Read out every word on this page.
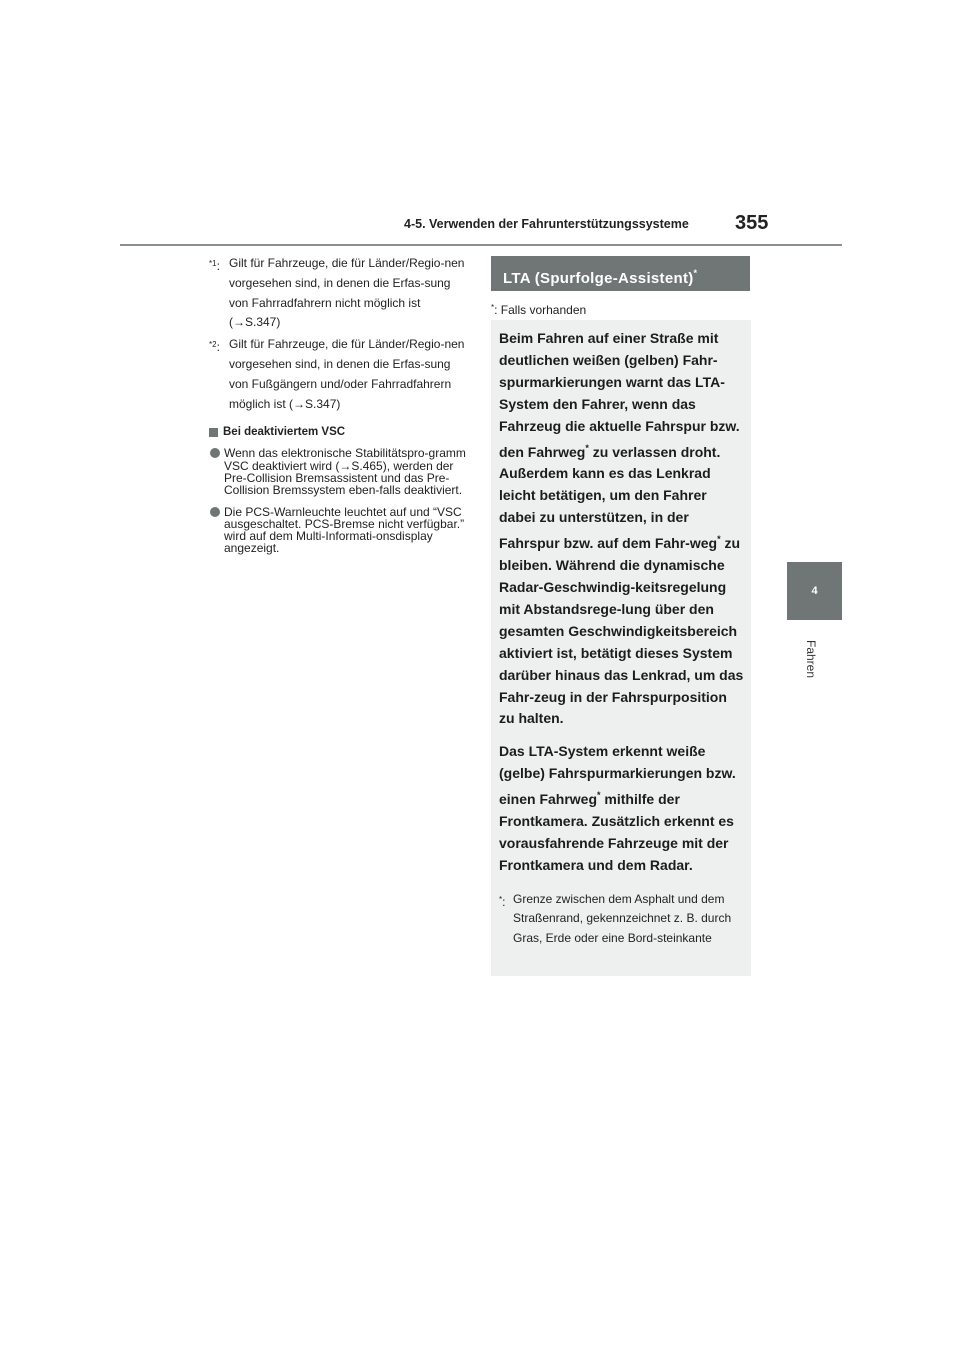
4-5. Verwenden der Fahrunterstützungssysteme	355
4
Fahren
$^{*1}$: Gilt für Fahrzeuge, die für Länder/Regio-nen vorgesehen sind, in denen die Erfas-sung von Fahrradfahrern nicht möglich ist (→S.347)
$^{*2}$: Gilt für Fahrzeuge, die für Länder/Regio-nen vorgesehen sind, in denen die Erfas-sung von Fußgängern und/oder Fahrradfahrern möglich ist (→S.347)
Bei deaktiviertem VSC
Wenn das elektronische Stabilitätspro-gramm VSC deaktiviert wird (→S.465), werden der Pre-Collision Bremsassistent und das Pre-Collision Bremssystem eben-falls deaktiviert.
Die PCS-Warnleuchte leuchtet auf und “VSC ausgeschaltet. PCS-Bremse nicht verfügbar.” wird auf dem Multi-Informati-onsdisplay angezeigt.
LTA (Spurfolge-Assistent)*
*: Falls vorhanden

Beim Fahren auf einer Straße mit deutlichen weißen (gelben) Fahr-spurmarkierungen warnt das LTA-System den Fahrer, wenn das Fahrzeug die aktuelle Fahrspur bzw. den Fahrweg* zu verlassen droht. Außerdem kann es das Lenkrad leicht betätigen, um den Fahrer dabei zu unterstützen, in der Fahrspur bzw. auf dem Fahr-weg* zu bleiben. Während die dynamische Radar-Geschwindig-keitsregelung mit Abstandsrege-lung über den gesamten Geschwindigkeitsbereich aktiviert ist, betätigt dieses System darüber hinaus das Lenkrad, um das Fahr-zeug in der Fahrspurposition zu halten.

Das LTA-System erkennt weiße (gelbe) Fahrspurmarkierungen bzw. einen Fahrweg* mithilfe der Frontkamera. Zusätzlich erkennt es vorausfahrende Fahrzeuge mit der Frontkamera und dem Radar.

*: Grenze zwischen dem Asphalt und dem Straßenrand, gekennzeichnet z. B. durch Gras, Erde oder eine Bord-steinkante
